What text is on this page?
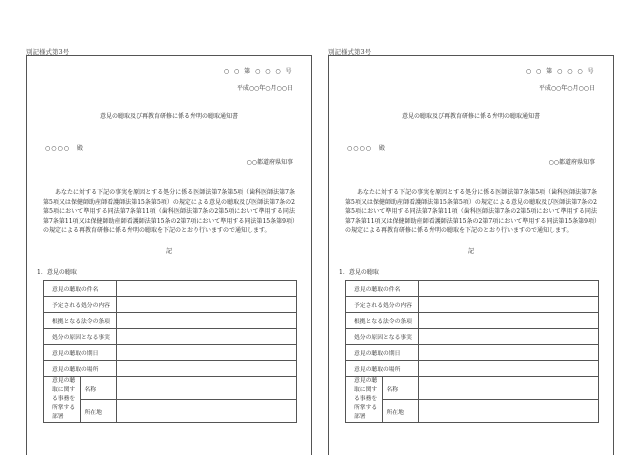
別記様式第3号
○ ○ 第 ○ ○ ○ 号
平成○○年○月○○日
意見の聴取及び再教育研修に係る弁明の聴取通知書
○○○○　殿
○○都道府県知事
あなたに対する下記の事実を原因とする処分に係る医師法第7条第5項（歯科医師法第7条第5項又は保健師助産師看護師法第15条第5項）の規定による意見の聴取及び医師法第7条の2第5項において準用する同法第7条第11項（歯科医師法第7条の2第5項において準用する同法第7条第11項又は保健師助産師看護師法第15条の2第7項において準用する同法第15条第9項）の規定による再教育研修に係る弁明の聴取を下記のとおり行いますので通知します。
記
1．意見の聴取
意見の聴取の件名		
予定される処分の内容		
根拠となる法令の条項		
処分の原因となる事実		
意見の聴取の期日		
意見の聴取の場所		

意見の聴取に関する事務を所掌する部署	名称	
	所在地	
別記様式第3号
○ ○ 第 ○ ○ ○ 号
平成○○年○月○○日
意見の聴取及び再教育研修に係る弁明の聴取通知書
○○○○　殿
○○都道府県知事
あなたに対する下記の事実を原因とする処分に係る医師法第7条第5項（歯科医師法第7条第5項又は保健師助産師看護師法第15条第5項）の規定による意見の聴取及び医師法第7条の2第5項において準用する同法第7条第11項（歯科医師法第7条の2第5項において準用する同法第7条第11項又は保健師助産師看護師法第15条の2第7項において準用する同法第15条第9項）の規定による再教育研修に係る弁明の聴取を下記のとおり行いますので通知します。
記
1．意見の聴取
意見の聴取の件名		
予定される処分の内容		
根拠となる法令の条項		
処分の原因となる事実		
意見の聴取の期日		
意見の聴取の場所		

意見の聴取に関する事務を所掌する部署	名称	
	所在地	
